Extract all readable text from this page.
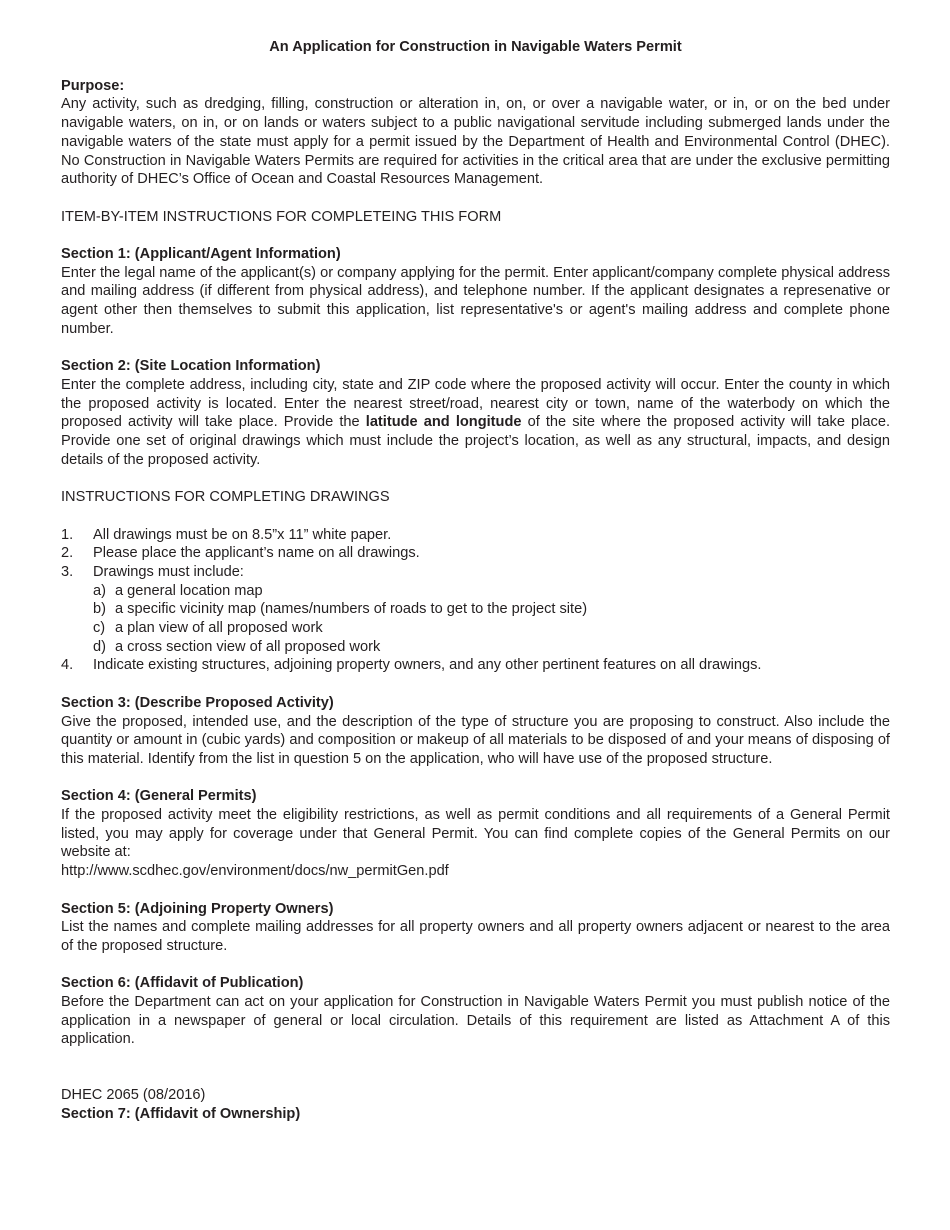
An Application for Construction in Navigable Waters Permit

Purpose:

Any activity, such as dredging, filling, construction or alteration in, on, or over a navigable water, or in, or on the bed under navigable waters, on in, or on lands or waters subject to a public navigational servitude including submerged lands under the navigable waters of the state must apply for a permit issued by the Department of Health and Environmental Control (DHEC). No Construction in Navigable Waters Permits are required for activities in the critical area that are under the exclusive permitting authority of DHEC’s Office of Ocean and Coastal Resources Management.

ITEM-BY-ITEM INSTRUCTIONS FOR COMPLETEING THIS FORM

Section 1: (Applicant/Agent Information)

Enter the legal name of the applicant(s) or company applying for the permit. Enter applicant/company complete physical address and mailing address (if different from physical address), and telephone number. If the applicant designates a represenative or agent other then themselves to submit this application, list representative's or agent's mailing address and complete phone number.

Section 2: (Site Location Information)

Enter the complete address, including city, state and ZIP code where the proposed activity will occur. Enter the county in which the proposed activity is located. Enter the nearest street/road, nearest city or town, name of the waterbody on which the proposed activity will take place. Provide the latitude and longitude of the site where the proposed activity will take place. Provide one set of original drawings which must include the project’s location, as well as any structural, impacts, and design details of the proposed activity.

INSTRUCTIONS FOR COMPLETING DRAWINGS

1. All drawings must be on 8.5”x 11” white paper.
2. Please place the applicant’s name on all drawings.
3. Drawings must include:
a) a general location map
b) a specific vicinity map (names/numbers of roads to get to the project site)
c) a plan view of all proposed work
d) a cross section view of all proposed work
4. Indicate existing structures, adjoining property owners, and any other pertinent features on all drawings.

Section 3: (Describe Proposed Activity)

Give the proposed, intended use, and the description of the type of structure you are proposing to construct. Also include the quantity or amount in (cubic yards) and composition or makeup of all materials to be disposed of and your means of disposing of this material. Identify from the list in question 5 on the application, who will have use of the proposed structure.

Section 4: (General Permits)

If the proposed activity meet the eligibility restrictions, as well as permit conditions and all requirements of a General Permit listed, you may apply for coverage under that General Permit. You can find complete copies of the General Permits on our website at:

http://www.scdhec.gov/environment/docs/nw_permitGen.pdf

Section 5: (Adjoining Property Owners)

List the names and complete mailing addresses for all property owners and all property owners adjacent or nearest to the area of the proposed structure.

Section 6: (Affidavit of Publication)

Before the Department can act on your application for Construction in Navigable Waters Permit you must publish notice of the application in a newspaper of general or local circulation. Details of this requirement are listed as Attachment A of this application.

DHEC 2065 (08/2016)

Section 7: (Affidavit of Ownership)
